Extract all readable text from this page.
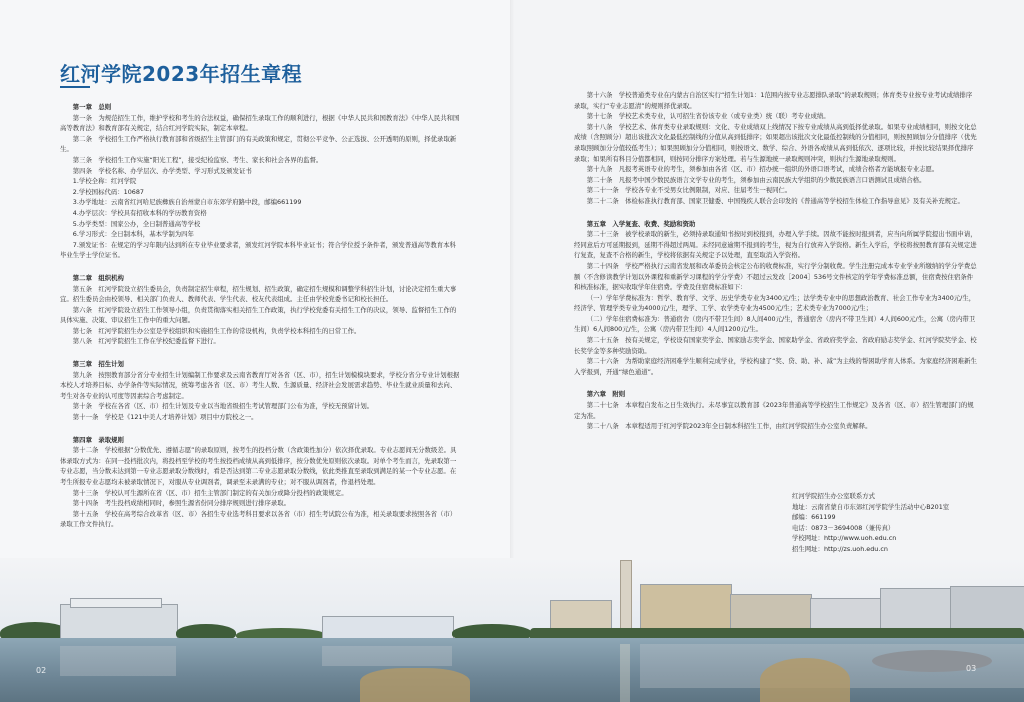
红河学院2023年招生章程

第一章　总则

第一条　为规范招生工作，维护学校和考生的合法权益，确保招生录取工作的顺利进行，根据《中华人民共和国教育法》《中华人民共和国高等教育法》和教育部有关规定，结合红河学院实际，制定本章程。

第二条　学校招生工作严格执行教育部和省级招生主管部门的有关政策和规定，贯彻公平竞争、公正选拔、公开透明的原则，择优录取新生。

第三条　学校招生工作实施“阳光工程”，接受纪检监察、考生、家长和社会各界的监督。

第四条　学校名称、办学层次、办学类型、学习形式及颁发证书

1.学校全称：红河学院

2.学校国标代码：10687

3.办学地址：云南省红河哈尼族彝族自治州蒙自市东郊学府路中段，邮编661199

4.办学层次：学校具有招收本科的学历教育资格

5.办学类型：国家公办，全日制普通高等学校

6.学习形式：全日制本科，基本学制为四年

7.颁发证书：在规定的学习年限内达到所在专业毕业要求者，颁发红河学院本科毕业证书；符合学位授予条件者，颁发普通高等教育本科毕业生学士学位证书。

第二章　组织机构

第五条　红河学院设立招生委员会，负责制定招生章程，招生规划、招生政策，确定招生规模和调整学科招生计划，讨论决定招生重大事宜。招生委员会由校领导、相关部门负责人、教师代表、学生代表、校友代表组成。主任由学校党委书记和校长担任。

第六条　红河学院设立招生工作领导小组，负责贯彻落实相关招生工作政策，执行学校党委有关招生工作的决议，领导、监督招生工作的具体实施、决策、审议招生工作中的重大问题。

第七条　红河学院招生办公室是学校组织和实施招生工作的常设机构，负责学校本科招生的日常工作。

第八条　红河学院招生工作在学校纪委监督下进行。

第三章　招生计划

第九条　按照教育部分省分专业招生计划编制工作要求及云南省教育厅对各省（区、市），招生计划模模块要求，学校分省分专业计划根据本校人才培养目标、办学条件等实际情况，统筹考虑各省（区、市）考生人数、生源质量、经济社会发展需求趋势、毕业生就业质量和去向、考生对各专业的认可度等因素综合考虑制定。

第十条　学校在各省（区、市）招生计划及专业以当地省级招生考试管理部门公布为准，学校无预留计划。

第十一条　学校是《121中美人才培养计划》项目中方院校之一。

第四章　录取规则

第十二条　学校根据“分数优先、遵循志愿”的录取原则，按考生的投档分数（含政策性加分）依次择优录取。专业志愿间无分数级差。具体录取方式为：在同一投档批次内，将投档至学校的考生按投档成绩从高到低排序，按分数优先原则依次录取。对单个考生而言，先录取第一专业志愿，当分数未达到第一专业志愿录取分数线时，看是否达到第二专业志愿录取分数线，依此类推直至录取到满足的某一个专业志愿。在考生所报专业志愿均未被录取情况下，对服从专业调剂者，调录至未录满的专业；对不服从调剂者，作退档处理。

第十三条　学校认可生源所在省（区、市）招生主管部门制定的有关加分或降分投档的政策规定。

第十四条　考生投档成绩相同时，参照生源省份同分排序规则进行排序录取。

第十五条　学校在高考综合改革省（区、市）各招生专业选考科目要求以各省（市）招生考试院公布为准，相关录取要求按照各省（市）录取工作文件执行。

第十六条　学校普通类专业在内蒙古自治区实行“招生计划1：1范围内按专业志愿排队录取”的录取规则；体育类专业按专业考试成绩排序录取，实行“专业志愿清”的规则择优录取。

第十七条　学校艺术类专业，认可招生省份该专业（或专业类）统（联）考专业成绩。

第十八条　学校艺术、体育类专业录取规则：文化、专业成绩双上线情况下按专业成绩从高到低择优录取。如果专业成绩相同，则按文化总成绩（含照顾分）超出该批次文化最低控制线的分值从高到低排序；如果超出该批次文化最低控制线的分值相同，则按照顾加分分值排序（优先录取照顾加分分值较低考生）；如果照顾加分分值相同，则按语文、数学、综合、外语各成绩从高到低依次、逐项比较，并按比较结果择优排序录取；如果所有科目分值都相同，则按同分排序方案处理。若与生源地统一录取规则冲突，则执行生源地录取规则。

第十九条　凡报考英语专业的考生，须参加由各省（区、市）招办统一组织的外语口语考试，成绩合格者方能填报专业志愿。

第二十条　凡报考中国少数民族语言文学专业的考生，须参加由云南民族大学组织的少数民族语言口语测试且成绩合格。

第二十一条　学校各专业不受男女比例限制，对应、往届考生一视同仁。

第二十二条　体检标准执行教育部、国家卫健委、中国残疾人联合会印发的《普通高等学校招生体检工作指导意见》及有关补充规定。

第五章　入学复查、收费、奖励和资助

第二十三条　被学校录取的新生，必须持录取通知书按时到校报到，办理入学手续。因故不能按时报到者，应当向所属学院提出书面申请，经同意后方可延期报到，延期不得超过两周。未经同意逾期不报到的考生，视为自行放弃入学资格。新生入学后，学校将按照教育部有关规定进行复查，复查不合格的新生，学校将依据有关规定予以处理，直至取消入学资格。

第二十四条　学校严格执行云南省发展和改革委员会核定公布的收费标准，实行学分制收费。学生注册完成本专业学业所缴纳的学分学费总额（不含修读教学计划以外课程和重新学习课程的学分学费）不超过云发改［2004］536号文件核定的学年学费标准总额，住宿费按住宿条件和核准标准，据实收取学年住宿费。学费及住宿费标准如下：

（一）学年学费标准为：哲学、教育学、文学、历史学类专业为3400元/生；法学类专业中的思想政治教育、社会工作专业为3400元/生，经济学、管理学类专业为4000元/生，理学、工学、农学类专业为4500元/生；艺术类专业为7000元/生；

（二）学年住宿费标准为：普通宿舍（房内不带卫生间）8人间400元/生，普通宿舍（房内不带卫生间）4人间600元/生，公寓（房内带卫生间）6人间800元/生，公寓（房内带卫生间）4人间1200元/生。

第二十五条　按有关规定，学校设有国家奖学金、国家励志奖学金、国家助学金、省政府奖学金、省政府励志奖学金、红河学院奖学金、校长奖学金等多种奖励资助。

第二十六条　为帮助家庭经济困难学生顺利完成学业，学校构建了“奖、贷、助、补、减”为主线的帮困助学育人体系。为家庭经济困难新生入学报到，开通“绿色通道”。

第六章　附则

第二十七条　本章程自发布之日生效执行。未尽事宜以教育部《2023年普通高等学校招生工作规定》及各省（区、市）招生管理部门的规定为准。

第二十八条　本章程适用于红河学院2023年全日制本科招生工作，由红河学院招生办公室负责解释。

红河学院招生办公室联系方式

地址：云南省蒙自市东郊红河学院学生活动中心B201室

邮编：661199

电话：0873－3694008（兼传真）

学校网址：http://www.uoh.edu.cn

招生网址：http://zs.uoh.edu.cn

02	03
